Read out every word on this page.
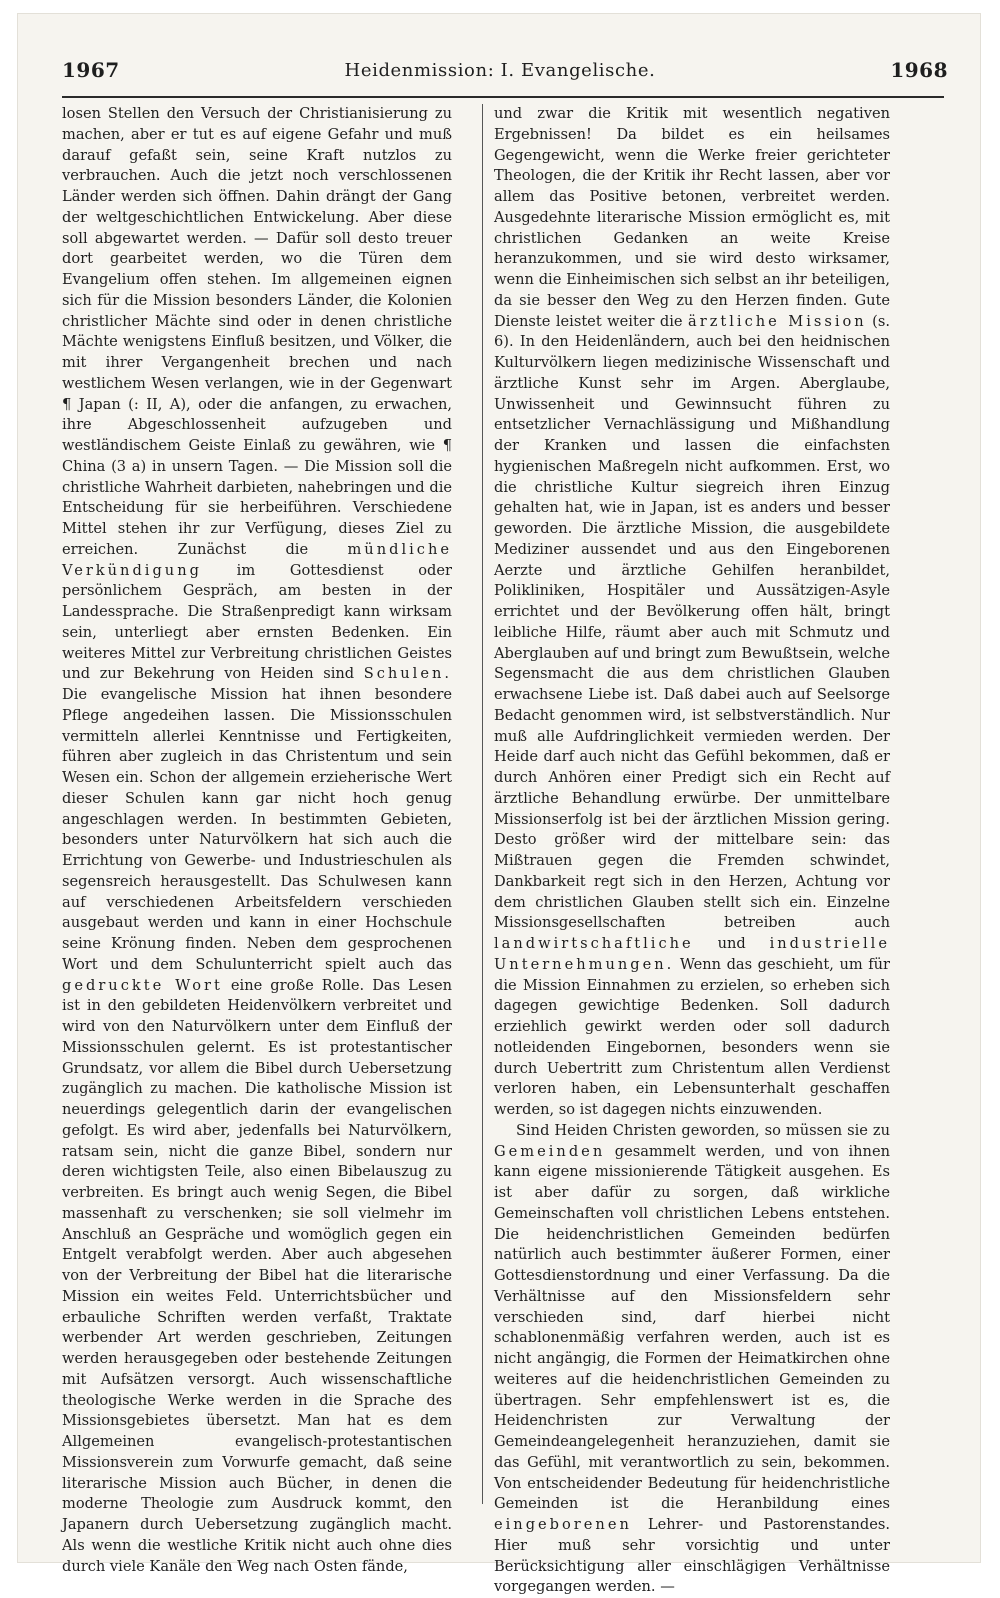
1967	Heidenmission: I. Evangelische.	1968

losen Stellen den Versuch der Christianisierung zu machen, aber er tut es auf eigene Gefahr und muß darauf gefaßt sein, seine Kraft nutzlos zu verbrauchen. Auch die jetzt noch verschlossenen Länder werden sich öffnen. Dahin drängt der Gang der weltgeschichtlichen Entwickelung. Aber diese soll abgewartet werden. — Dafür soll desto treuer dort gearbeitet werden, wo die Türen dem Evangelium offen stehen. Im allgemeinen eignen sich für die Mission besonders Länder, die Kolonien christlicher Mächte sind oder in denen christliche Mächte wenigstens Einfluß besitzen, und Völker, die mit ihrer Vergangenheit brechen und nach westlichem Wesen verlangen, wie in der Gegenwart ¶ Japan (: II, A), oder die anfangen, zu erwachen, ihre Abgeschlossenheit aufzugeben und westländischem Geiste Einlaß zu gewähren, wie ¶ China (3 a) in unsern Tagen. — Die Mission soll die christliche Wahrheit darbieten, nahebringen und die Entscheidung für sie herbeiführen. Verschiedene Mittel stehen ihr zur Verfügung, dieses Ziel zu erreichen. Zunächst die	mündliche Verkündigung im Gottesdienst oder persönlichem Gespräch, am besten in der Landessprache. Die Straßenpredigt kann wirksam sein, unterliegt aber ernsten Bedenken. Ein weiteres Mittel zur Verbreitung christlichen Geistes und zur Bekehrung von Heiden sind Schulen. Die evangelische Mission hat ihnen besondere Pflege angedeihen lassen. Die Missionsschulen vermitteln allerlei Kenntnisse und Fertigkeiten, führen aber zugleich in das Christentum und sein Wesen ein. Schon der allgemein erzieherische Wert dieser Schulen kann gar nicht hoch genug angeschlagen werden. In bestimmten Gebieten, besonders unter Naturvölkern hat sich auch die Errichtung von Gewerbe- und Industrieschulen als segensreich herausgestellt. Das Schulwesen kann auf verschiedenen Arbeitsfeldern verschieden ausgebaut werden und kann in einer Hochschule seine Krönung finden. Neben dem gesprochenen Wort und dem Schulunterricht spielt auch das gedruckte Wort eine große Rolle. Das Lesen ist in den gebildeten Heidenvölkern verbreitet und wird von den Naturvölkern unter dem Einfluß der Missionsschulen gelernt. Es ist protestantischer Grundsatz, vor allem die Bibel durch Uebersetzung zugänglich zu machen. Die katholische Mission ist neuerdings gelegentlich darin der evangelischen gefolgt. Es wird aber, jedenfalls bei Naturvölkern, ratsam sein, nicht die ganze Bibel, sondern nur deren wichtigsten Teile, also einen Bibelauszug zu verbreiten. Es bringt auch wenig Segen, die Bibel massenhaft zu verschenken; sie soll vielmehr im Anschluß an Gespräche und womöglich gegen ein Entgelt verabfolgt werden. Aber auch abgesehen von der Verbreitung der Bibel hat die literarische Mission ein weites Feld. Unterrichtsbücher und erbauliche Schriften werden verfaßt, Traktate werbender Art werden geschrieben, Zeitungen werden herausgegeben oder bestehende Zeitungen mit Aufsätzen versorgt. Auch wissenschaftliche theologische Werke werden in die Sprache des Missionsgebietes übersetzt. Man hat es dem Allgemeinen evangelisch-protestantischen Missionsverein zum Vorwurfe gemacht, daß seine literarische Mission auch Bücher, in denen die moderne Theologie zum Ausdruck kommt, den Japanern durch Uebersetzung zugänglich macht. Als wenn die westliche Kritik nicht auch ohne dies durch viele Kanäle den Weg nach Osten fände,

und zwar die Kritik mit wesentlich negativen Ergebnissen! Da bildet es ein heilsames Gegengewicht, wenn die Werke freier gerichteter Theologen, die der Kritik ihr Recht lassen, aber vor allem das Positive betonen, verbreitet werden. Ausgedehnte literarische Mission ermöglicht es, mit christlichen Gedanken an weite Kreise heranzukommen, und sie wird desto wirksamer, wenn die Einheimischen sich selbst an ihr beteiligen, da sie besser den Weg zu den Herzen finden. Gute Dienste leistet weiter die ärztliche Mission (s. 6). In den Heidenländern, auch bei den heidnischen Kulturvölkern liegen medizinische Wissenschaft und ärztliche Kunst sehr im Argen. Aberglaube, Unwissenheit und Gewinnsucht führen zu entsetzlicher Vernachlässigung und Mißhandlung der Kranken und lassen die einfachsten hygienischen Maßregeln nicht aufkommen. Erst, wo die christliche Kultur siegreich ihren Einzug gehalten hat, wie in Japan, ist es anders und besser geworden. Die ärztliche Mission, die ausgebildete Mediziner aussendet und aus den Eingeborenen Aerzte und ärztliche Gehilfen heranbildet, Polikliniken, Hospitäler und Aussätzigen-Asyle errichtet und der Bevölkerung offen hält, bringt leibliche Hilfe, räumt aber auch mit Schmutz und Aberglauben auf und bringt zum Bewußtsein, welche Segensmacht die aus dem christlichen Glauben erwachsene Liebe ist. Daß dabei auch auf Seelsorge Bedacht genommen wird, ist selbstverständlich. Nur muß alle Aufdringlichkeit vermieden werden. Der Heide darf auch nicht das Gefühl bekommen, daß er durch Anhören einer Predigt sich ein Recht auf ärztliche Behandlung erwürbe. Der unmittelbare Missionserfolg ist bei der ärztlichen Mission gering. Desto größer wird der mittelbare sein: das Mißtrauen gegen die Fremden schwindet, Dankbarkeit regt sich in den Herzen, Achtung vor dem christlichen Glauben stellt sich ein. Einzelne Missionsgesellschaften betreiben auch landwirtschaftliche und industrielle Unternehmungen. Wenn das geschieht, um für die Mission Einnahmen zu erzielen, so erheben sich dagegen gewichtige Bedenken. Soll dadurch erziehlich gewirkt werden oder soll dadurch notleidenden Eingebornen, besonders wenn sie durch Uebertritt zum Christentum allen Verdienst verloren haben, ein Lebensunterhalt geschaffen werden, so ist dagegen nichts einzuwenden.

Sind Heiden Christen geworden, so müssen sie zu Gemeinden gesammelt werden, und von ihnen kann eigene missionierende Tätigkeit ausgehen. Es ist aber dafür zu sorgen, daß wirkliche Gemeinschaften voll christlichen Lebens entstehen. Die heidenchristlichen Gemeinden bedürfen natürlich auch bestimmter äußerer Formen, einer Gottesdienstordnung und einer Verfassung. Da die Verhältnisse auf den Missionsfeldern sehr verschieden sind, darf hierbei nicht schablonenmäßig verfahren werden, auch ist es nicht angängig, die Formen der Heimatkirchen ohne weiteres auf die heidenchristlichen Gemeinden zu übertragen. Sehr empfehlenswert ist es, die Heidenchristen zur Verwaltung der Gemeindeangelegenheit heranzuziehen, damit sie das Gefühl, mit verantwortlich zu sein, bekommen. Von entscheidender Bedeutung für heidenchristliche Gemeinden ist die Heranbildung eines eingeborenen Lehrer- und Pastorenstandes. Hier muß sehr vorsichtig und unter Berücksichtigung aller einschlägigen Verhältnisse vorgegangen werden. —
